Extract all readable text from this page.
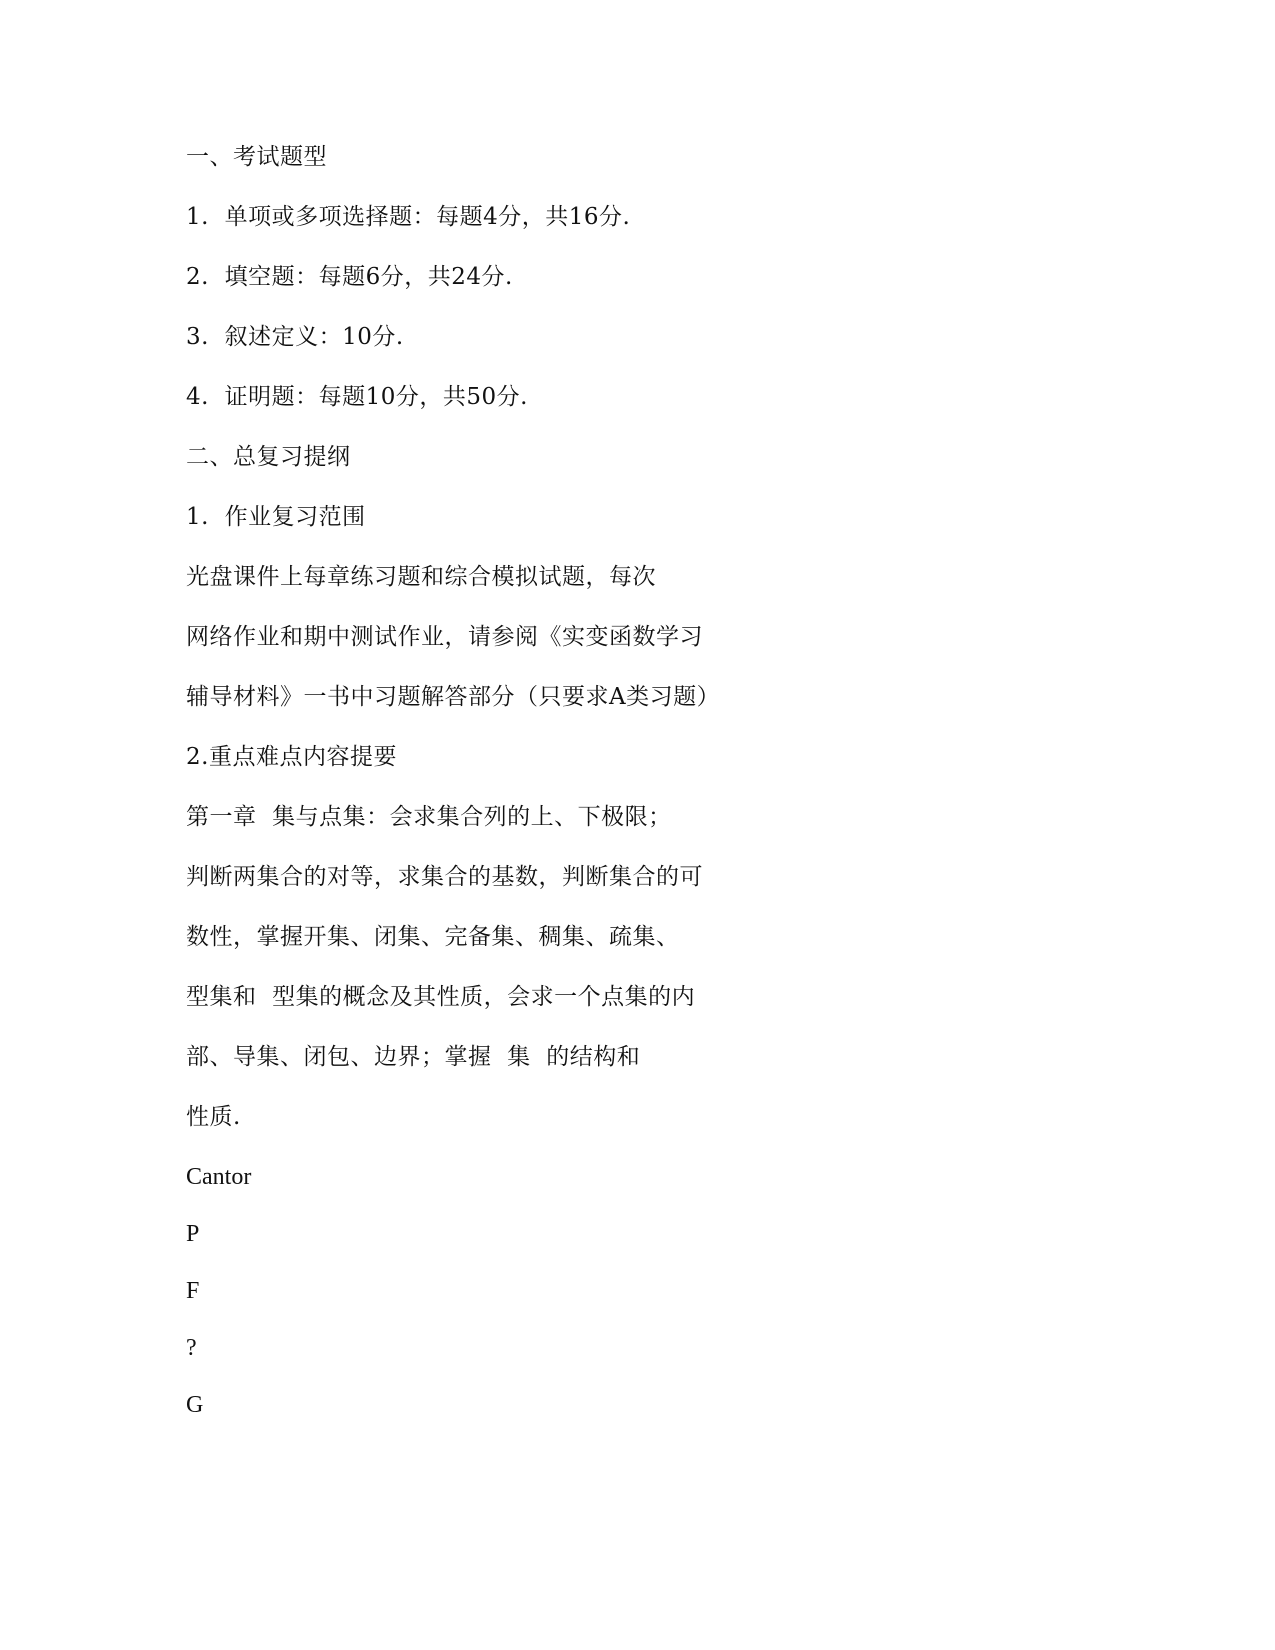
一、考试题型
1.  单项或多项选择题：每题4分，共16分.
2.  填空题：每题6分，共24分.
3.  叙述定义：10分.
4.  证明题：每题10分，共50分.
二、总复习提纲
1.  作业复习范围
光盘课件上每章练习题和综合模拟试题，每次
网络作业和期中测试作业，请参阅《实变函数学习
辅导材料》一书中习题解答部分（只要求A类习题）
2.重点难点内容提要
第一章  集与点集：会求集合列的上、下极限；
判断两集合的对等，求集合的基数，判断集合的可
数性，掌握开集、闭集、完备集、稠集、疏集、
型集和  型集的概念及其性质，会求一个点集的内
部、导集、闭包、边界；掌握  集  的结构和
性质.
Cantor
P
F
?
G
